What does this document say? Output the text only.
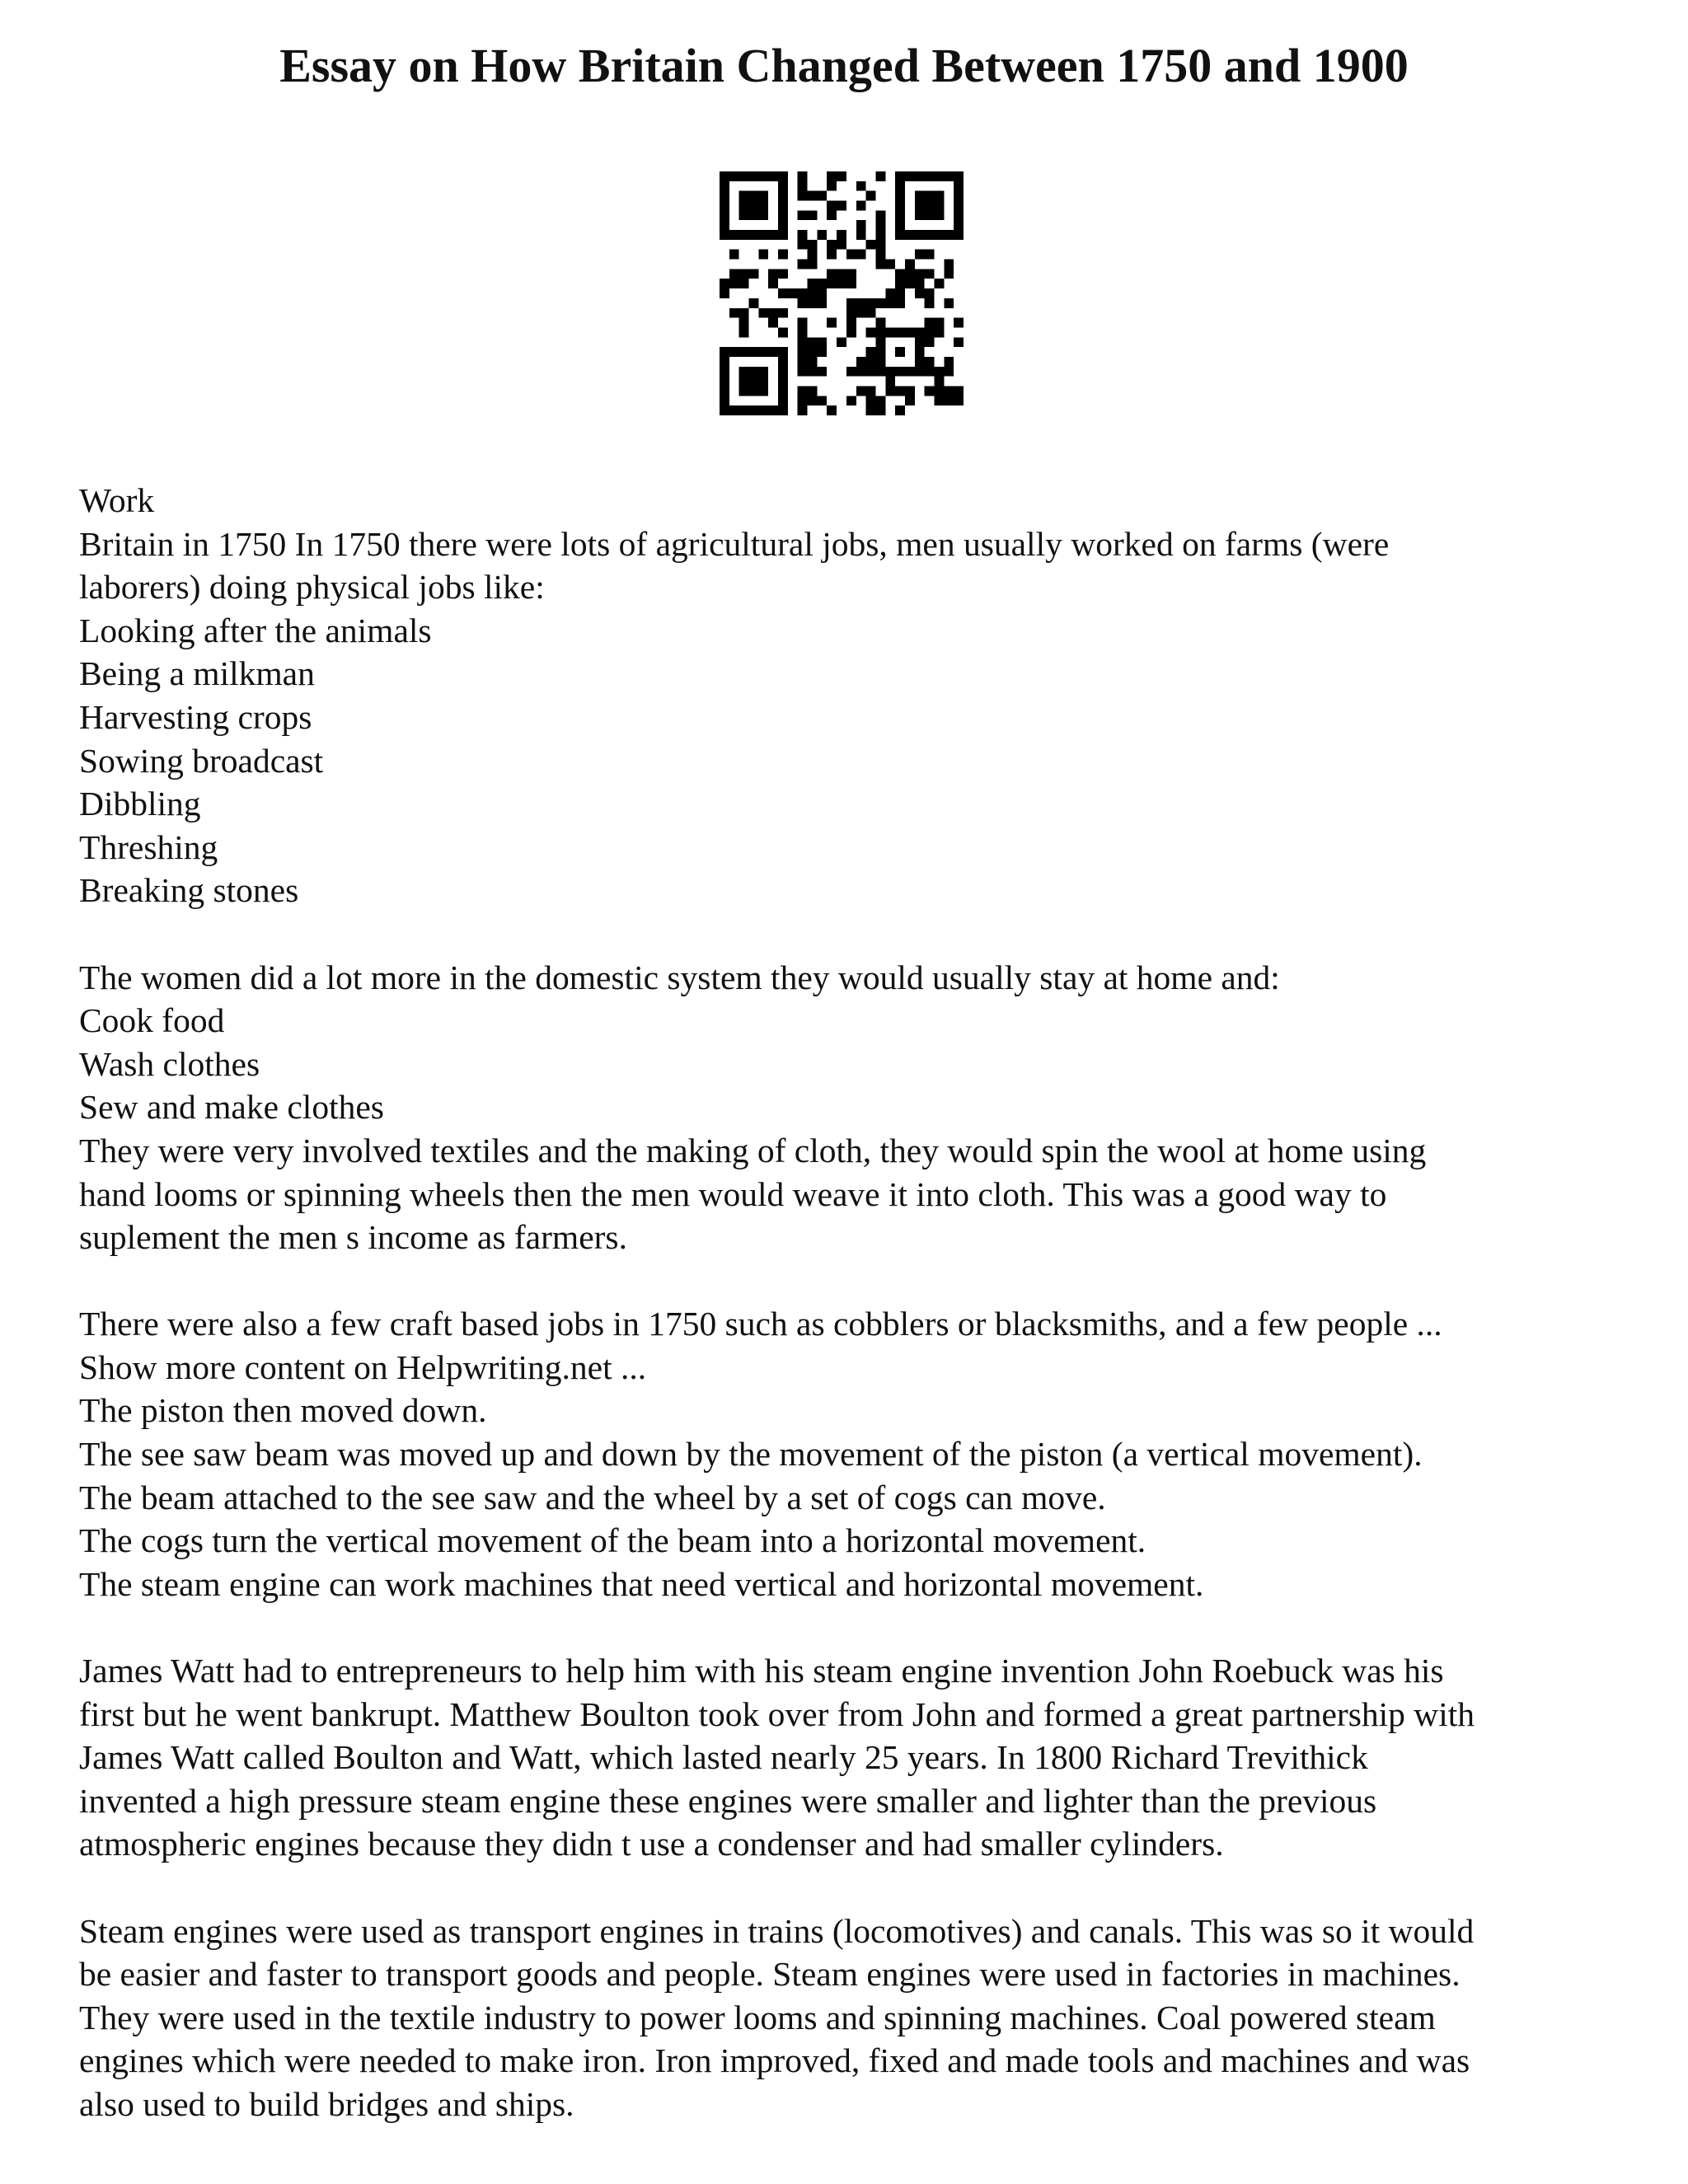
Essay on How Britain Changed Between 1750 and 1900
Work
Britain in 1750 In 1750 there were lots of agricultural jobs, men usually worked on farms (were
laborers) doing physical jobs like:
Looking after the animals
Being a milkman
Harvesting crops
Sowing broadcast
Dibbling
Threshing
Breaking stones
The women did a lot more in the domestic system they would usually stay at home and:
Cook food
Wash clothes
Sew and make clothes
They were very involved textiles and the making of cloth, they would spin the wool at home using
hand looms or spinning wheels then the men would weave it into cloth. This was a good way to
suplement the men s income as farmers.
There were also a few craft based jobs in 1750 such as cobblers or blacksmiths, and a few people ...
Show more content on Helpwriting.net ...
The piston then moved down.
The see saw beam was moved up and down by the movement of the piston (a vertical movement).
The beam attached to the see saw and the wheel by a set of cogs can move.
The cogs turn the vertical movement of the beam into a horizontal movement.
The steam engine can work machines that need vertical and horizontal movement.
James Watt had to entrepreneurs to help him with his steam engine invention John Roebuck was his
first but he went bankrupt. Matthew Boulton took over from John and formed a great partnership with
James Watt called Boulton and Watt, which lasted nearly 25 years. In 1800 Richard Trevithick
invented a high pressure steam engine these engines were smaller and lighter than the previous
atmospheric engines because they didn t use a condenser and had smaller cylinders.
Steam engines were used as transport engines in trains (locomotives) and canals. This was so it would
be easier and faster to transport goods and people. Steam engines were used in factories in machines.
They were used in the textile industry to power looms and spinning machines. Coal powered steam
engines which were needed to make iron. Iron improved, fixed and made tools and machines and was
also used to build bridges and ships.
